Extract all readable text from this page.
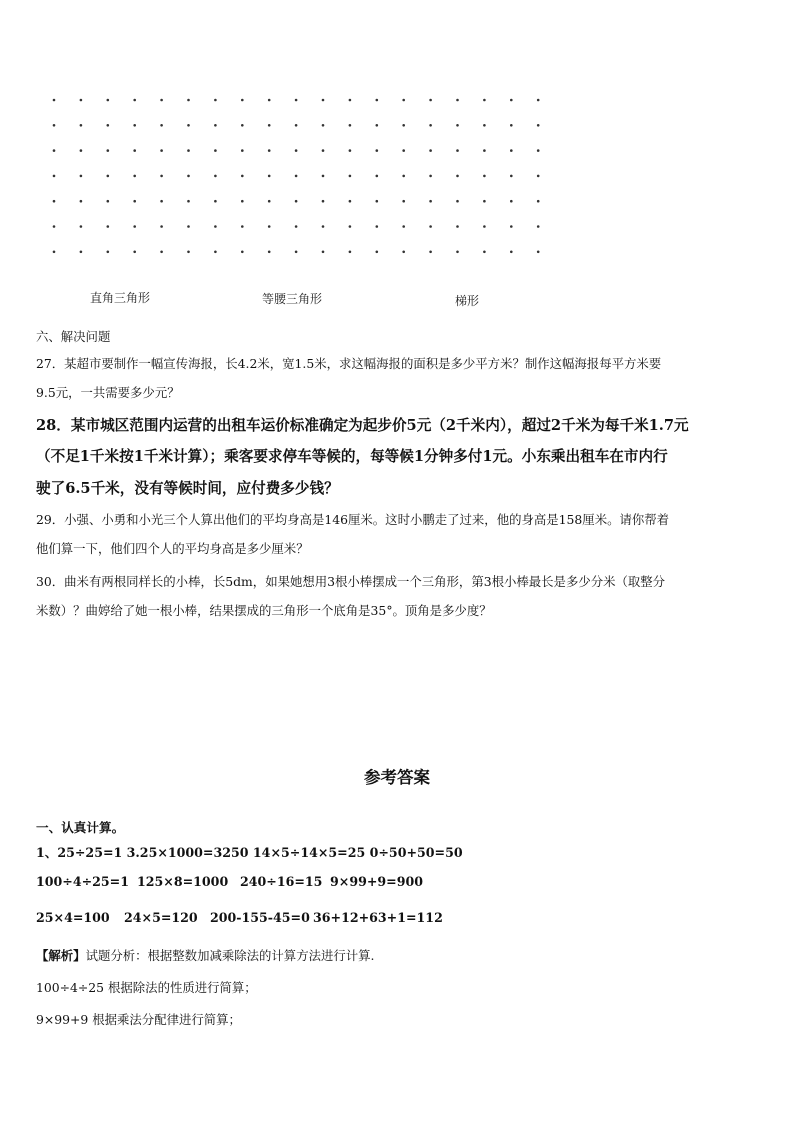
直角三角形	等腰三角形	梯形
六、解决问题
27．某超市要制作一幅宣传海报，长4.2米，宽1.5米，求这幅海报的面积是多少平方米？制作这幅海报每平方米要
9.5元，一共需要多少元？
28．某市城区范围内运营的出租车运价标准确定为起步价5元（2千米内），超过2千米为每千米1.7元
（不足1千米按1千米计算）；乘客要求停车等候的，每等候1分钟多付1元。小东乘出租车在市内行
驶了6.5千米，没有等候时间，应付费多少钱？
29．小强、小勇和小光三个人算出他们的平均身高是146厘米。这时小鹏走了过来，他的身高是158厘米。请你帮着
他们算一下，他们四个人的平均身高是多少厘米？
30．曲米有两根同样长的小棒，长5dm，如果她想用3根小棒摆成一个三角形，第3根小棒最长是多少分米（取整分
米数）？曲婷给了她一根小棒，结果摆成的三角形一个底角是35°。顶角是多少度？
参考答案
一、认真计算。
1、25÷25=1 3.25×1000=3250 14×5÷14×5=25 0÷50+50=50
100÷4÷25=1 125×8=1000 240÷16=15 9×99+9=900
25×4=100 24×5=120 200-155-45=0 36+12+63+1=112
【解析】试题分析：根据整数加减乘除法的计算方法进行计算.
100÷4÷25 根据除法的性质进行简算；
9×99+9 根据乘法分配律进行简算；
